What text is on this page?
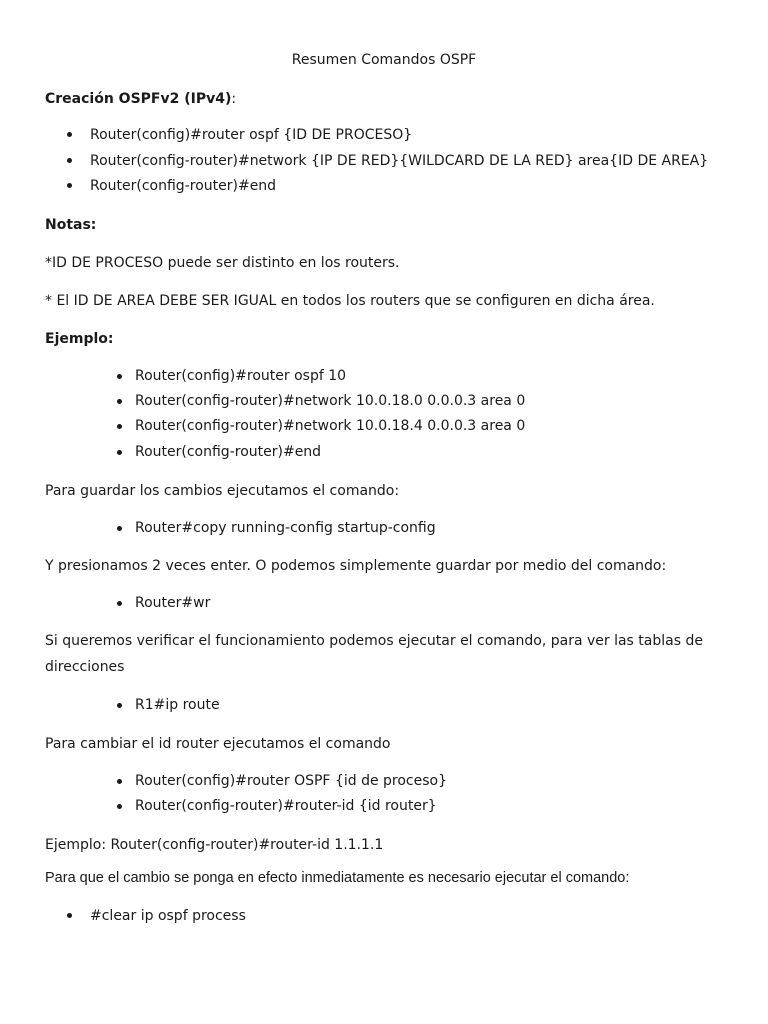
Resumen Comandos OSPF
Creación OSPFv2 (IPv4):
Router(config)#router ospf {ID DE PROCESO}
Router(config-router)#network {IP DE RED}{WILDCARD DE LA RED} area{ID DE AREA}
Router(config-router)#end
Notas:
*ID DE PROCESO puede ser distinto en los routers.
* El ID DE AREA DEBE SER IGUAL en todos los routers que se configuren en dicha área.
Ejemplo:
Router(config)#router ospf 10
Router(config-router)#network 10.0.18.0 0.0.0.3 area 0
Router(config-router)#network 10.0.18.4 0.0.0.3 area 0
Router(config-router)#end
Para guardar los cambios ejecutamos el comando:
Router#copy running-config startup-config
Y presionamos 2 veces enter. O podemos simplemente guardar por medio del comando:
Router#wr
Si queremos verificar el funcionamiento podemos ejecutar el comando, para ver las tablas de
direcciones
R1#ip route
Para cambiar el id router ejecutamos el comando
Router(config)#router OSPF {id de proceso}
Router(config-router)#router-id {id router}
Ejemplo: Router(config-router)#router-id 1.1.1.1
Para que el cambio se ponga en efecto inmediatamente es necesario ejecutar el comando:
#clear ip ospf process
